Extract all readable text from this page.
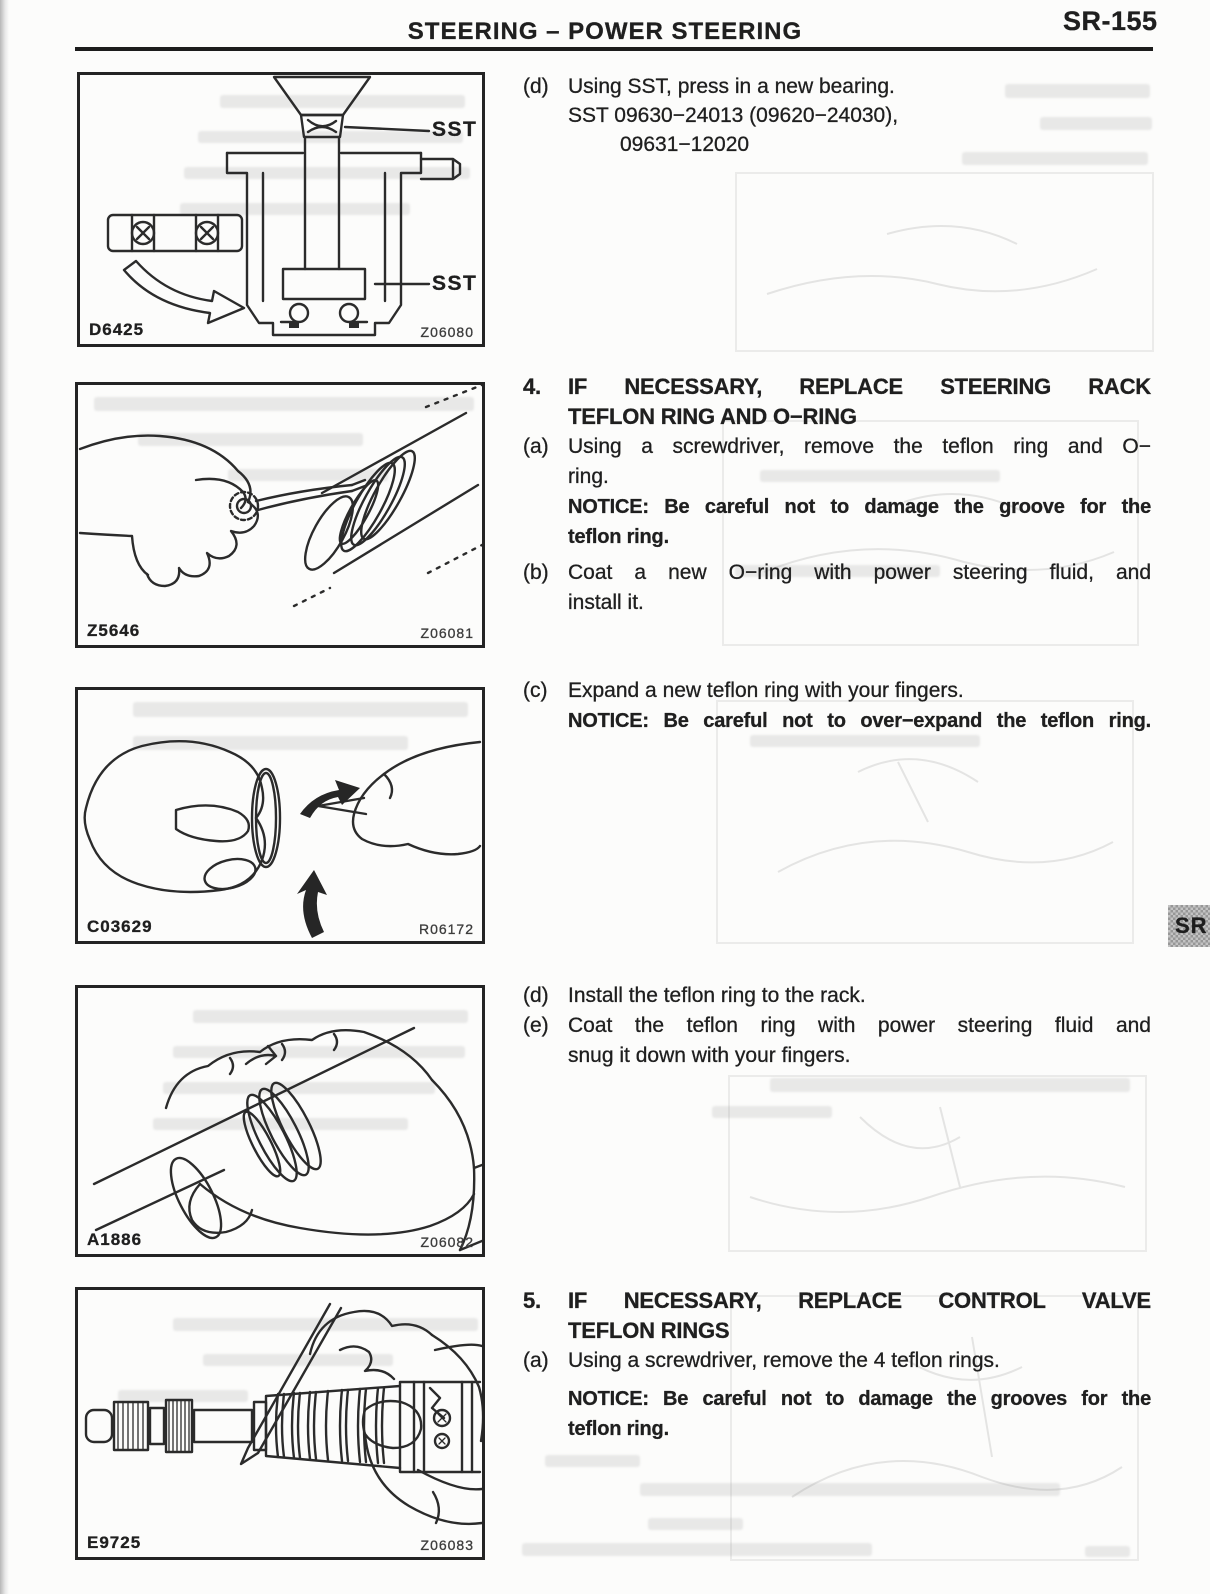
STEERING – POWER STEERING	SR-155
SST
SST
D6425	Z06080
Z5646	Z06081
C03629	R06172
A1886	Z06082
E9725	Z06083
(d) Using SST, press in a new bearing.
SST 09630−24013 (09620−24030),
09631−12020
4.	IF NECESSARY, REPLACE STEERING RACK
TEFLON RING AND O−RING
(a) Using a screwdriver, remove the teflon ring and O−
ring.
NOTICE: Be careful not to damage the groove for the
teflon ring.
(b) Coat a new O−ring with power steering fluid, and
install it.
(c) Expand a new teflon ring with your fingers.
NOTICE: Be careful not to over−expand the teflon ring.
(d) Install the teflon ring to the rack.
(e) Coat the teflon ring with power steering fluid and
snug it down with your fingers.
5.	IF NECESSARY, REPLACE CONTROL VALVE
TEFLON RINGS
(a) Using a screwdriver, remove the 4 teflon rings.
NOTICE: Be careful not to damage the grooves for the
teflon ring.
SR
